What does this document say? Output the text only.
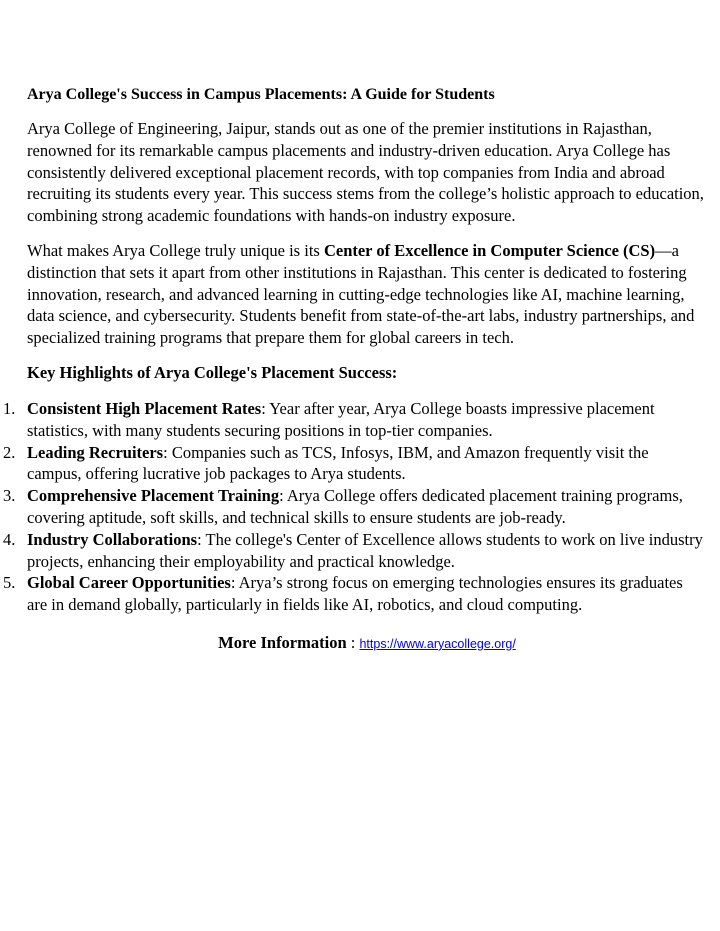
Arya College's Success in Campus Placements: A Guide for Students

Arya College of Engineering, Jaipur, stands out as one of the premier institutions in Rajasthan, renowned for its remarkable campus placements and industry-driven education. Arya College has consistently delivered exceptional placement records, with top companies from India and abroad recruiting its students every year. This success stems from the college’s holistic approach to education, combining strong academic foundations with hands-on industry exposure.

What makes Arya College truly unique is its Center of Excellence in Computer Science (CS)—a distinction that sets it apart from other institutions in Rajasthan. This center is dedicated to fostering innovation, research, and advanced learning in cutting-edge technologies like AI, machine learning, data science, and cybersecurity. Students benefit from state-of-the-art labs, industry partnerships, and specialized training programs that prepare them for global careers in tech.

Key Highlights of Arya College's Placement Success:
1. Consistent High Placement Rates: Year after year, Arya College boasts impressive placement statistics, with many students securing positions in top-tier companies.
2. Leading Recruiters: Companies such as TCS, Infosys, IBM, and Amazon frequently visit the campus, offering lucrative job packages to Arya students.
3. Comprehensive Placement Training: Arya College offers dedicated placement training programs, covering aptitude, soft skills, and technical skills to ensure students are job-ready.
4. Industry Collaborations: The college's Center of Excellence allows students to work on live industry projects, enhancing their employability and practical knowledge.
5. Global Career Opportunities: Arya’s strong focus on emerging technologies ensures its graduates are in demand globally, particularly in fields like AI, robotics, and cloud computing.
More Information : https://www.aryacollege.org/
